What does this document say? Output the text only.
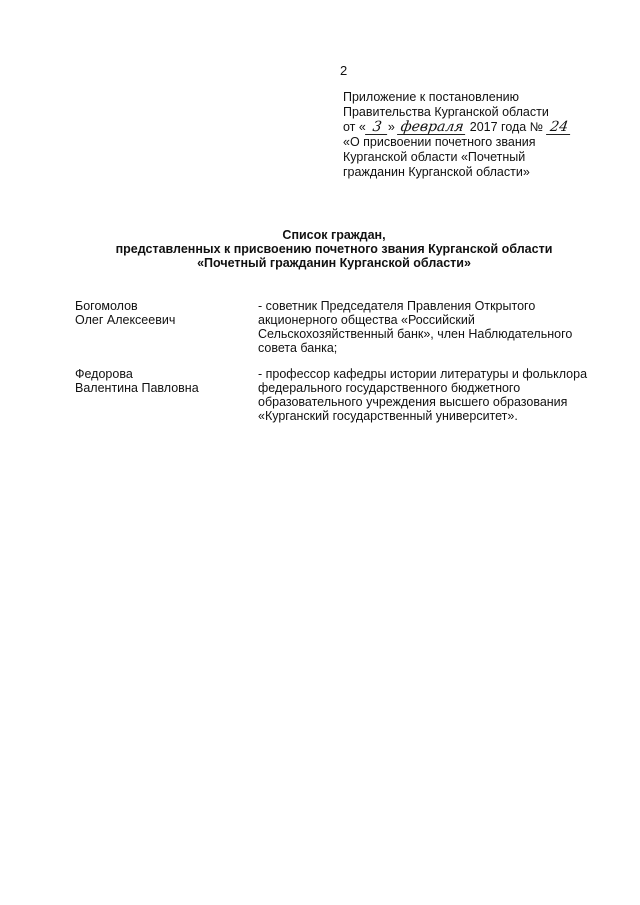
2
Приложение к постановлению
Правительства Курганской области
от « 3 » февраля 2017 года № 24
«О присвоении почетного звания
Курганской области «Почетный
гражданин Курганской области»
Список граждан,
представленных к присвоению почетного звания Курганской области
«Почетный гражданин Курганской области»
Богомолов
Олег Алексеевич
- советник Председателя Правления Открытого акционерного общества «Российский Сельскохозяйственный банк», член Наблюдательного совета банка;
Федорова
Валентина Павловна
- профессор кафедры истории литературы и фольклора федерального государственного бюджетного образовательного учреждения высшего образования «Курганский государственный университет».
